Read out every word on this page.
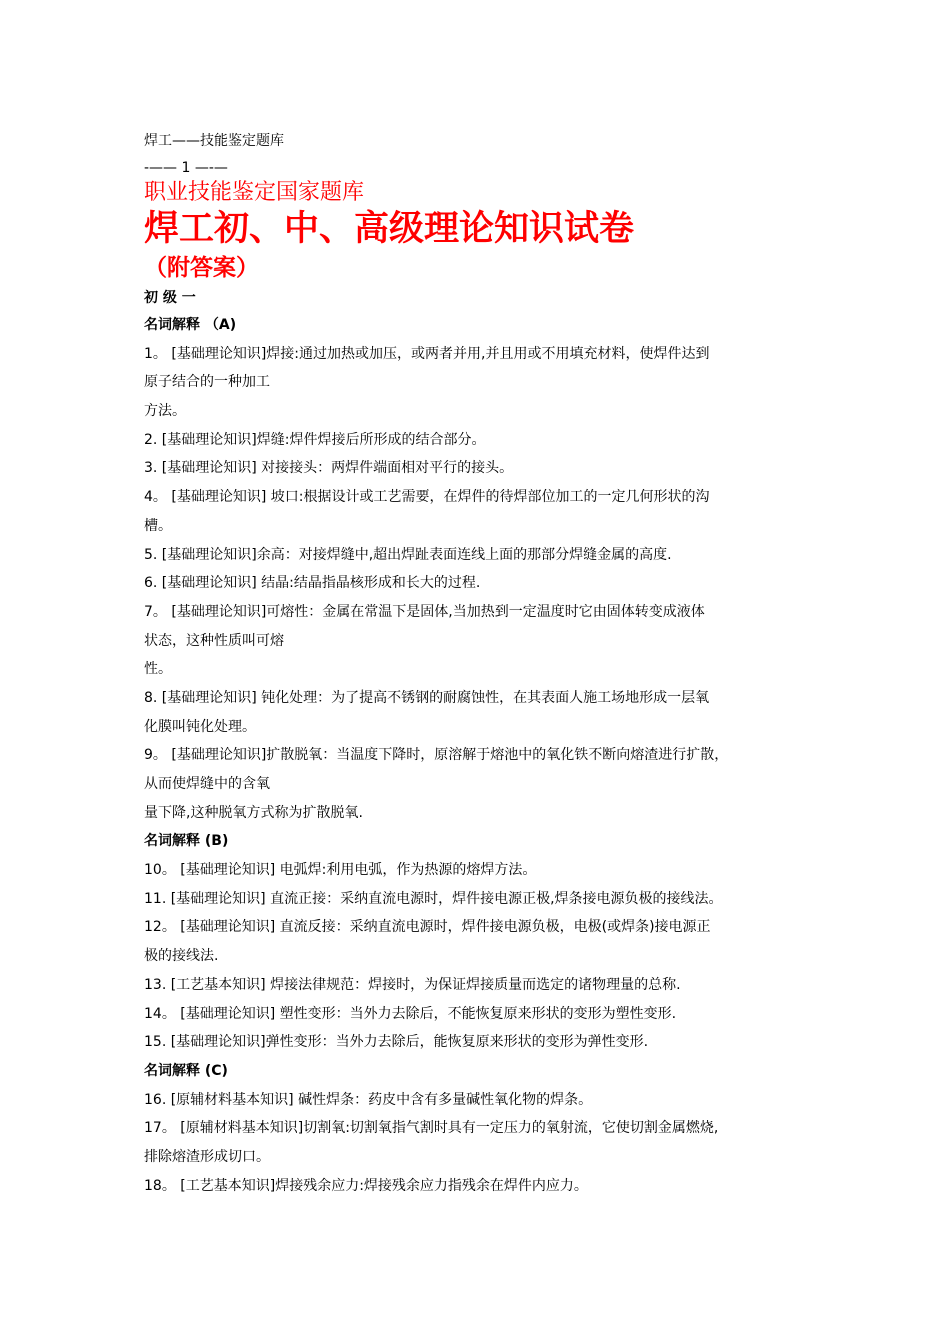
焊工——技能鉴定题库
-—— 1 —-—
职业技能鉴定国家题库
焊工初、中、高级理论知识试卷
（附答案）
初 级 一
名词解释 （A)
1。 [基础理论知识]焊接:通过加热或加压，或两者并用,并且用或不用填充材料，使焊件达到
原子结合的一种加工
方法。
2. [基础理论知识]焊缝:焊件焊接后所形成的结合部分。
3. [基础理论知识] 对接接头：两焊件端面相对平行的接头。
4。 [基础理论知识] 坡口:根据设计或工艺需要，在焊件的待焊部位加工的一定几何形状的沟
槽。
5. [基础理论知识]余高：对接焊缝中,超出焊趾表面连线上面的那部分焊缝金属的高度.
6. [基础理论知识] 结晶:结晶指晶核形成和长大的过程.
7。 [基础理论知识]可熔性：金属在常温下是固体,当加热到一定温度时它由固体转变成液体
状态，这种性质叫可熔
性。
8. [基础理论知识] 钝化处理：为了提高不锈钢的耐腐蚀性，在其表面人施工场地形成一层氧
化膜叫钝化处理。
9。 [基础理论知识]扩散脱氧：当温度下降时，原溶解于熔池中的氧化铁不断向熔渣进行扩散，
从而使焊缝中的含氧
量下降,这种脱氧方式称为扩散脱氧.
名词解释 (B)
10。 [基础理论知识] 电弧焊:利用电弧，作为热源的熔焊方法。
11. [基础理论知识] 直流正接：采纳直流电源时，焊件接电源正极,焊条接电源负极的接线法。
12。 [基础理论知识] 直流反接：采纳直流电源时，焊件接电源负极，电极(或焊条)接电源正
极的接线法.
13. [工艺基本知识] 焊接法律规范：焊接时，为保证焊接质量而选定的诸物理量的总称.
14。 [基础理论知识] 塑性变形：当外力去除后，不能恢复原来形状的变形为塑性变形.
15. [基础理论知识]弹性变形：当外力去除后，能恢复原来形状的变形为弹性变形.
名词解释 (C)
16. [原辅材料基本知识] 碱性焊条：药皮中含有多量碱性氧化物的焊条。
17。 [原辅材料基本知识]切割氧:切割氧指气割时具有一定压力的氧射流，它使切割金属燃烧,
排除熔渣形成切口。
18。 [工艺基本知识]焊接残余应力:焊接残余应力指残余在焊件内应力。
